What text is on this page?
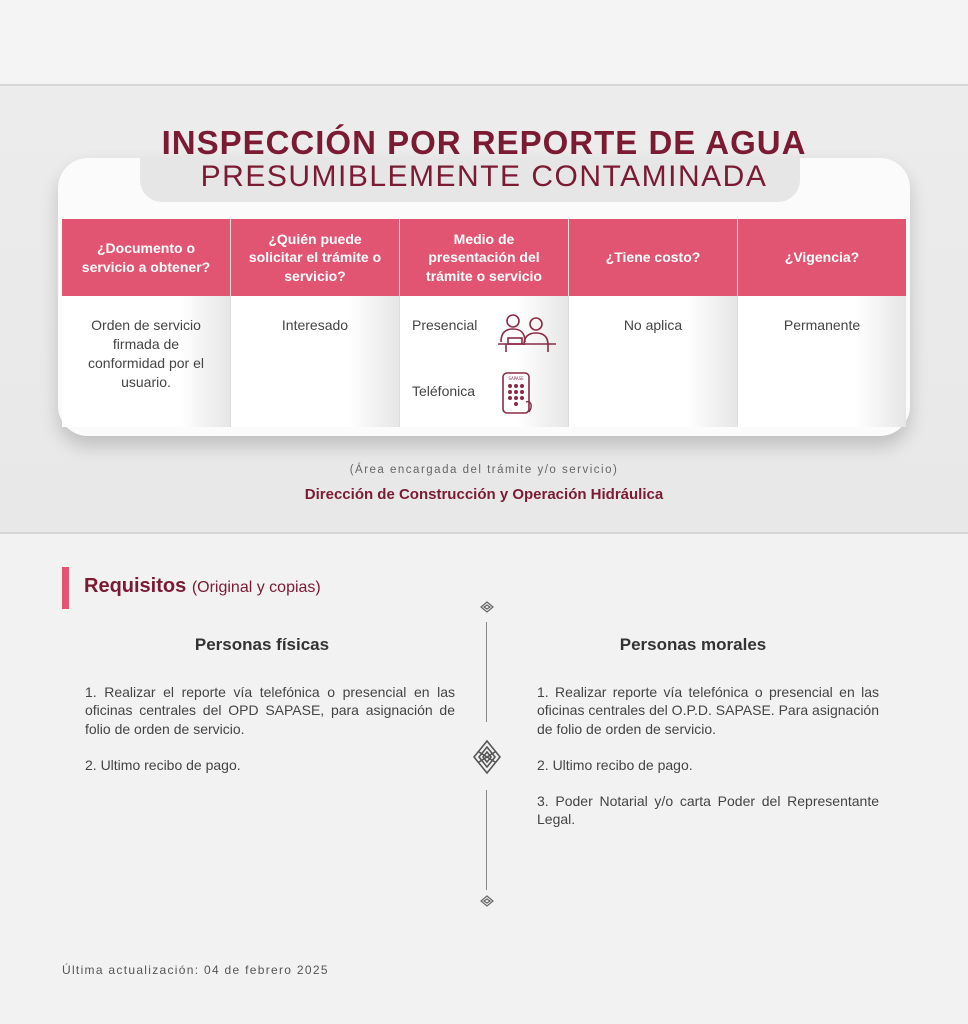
INSPECCIÓN POR REPORTE DE AGUA
PRESUMIBLEMENTE CONTAMINADA
¿Documento o servicio a obtener?
Orden de servicio firmada de conformidad por el usuario.
¿Quién puede solicitar el trámite o servicio?
Interesado
Medio de presentación del trámite o servicio
Presencial
Teléfonica
SAPASE
¿Tiene costo?
No aplica
¿Vigencia?
Permanente
(Área encargada del trámite y/o servicio)
Dirección de Construcción y Operación Hidráulica
Requisitos (Original y copias)
Personas físicas
1. Realizar el reporte vía telefónica o presencial en las oficinas centrales del OPD SAPASE, para asignación de folio de orden de servicio.
2. Ultimo recibo de pago.
Personas morales
1. Realizar reporte vía telefónica o presencial en las oficinas centrales del O.P.D. SAPASE. Para asignación de folio de orden de servicio.
2. Ultimo recibo de pago.
3. Poder Notarial y/o carta Poder del Representante Legal.
Última actualización: 04 de febrero 2025
